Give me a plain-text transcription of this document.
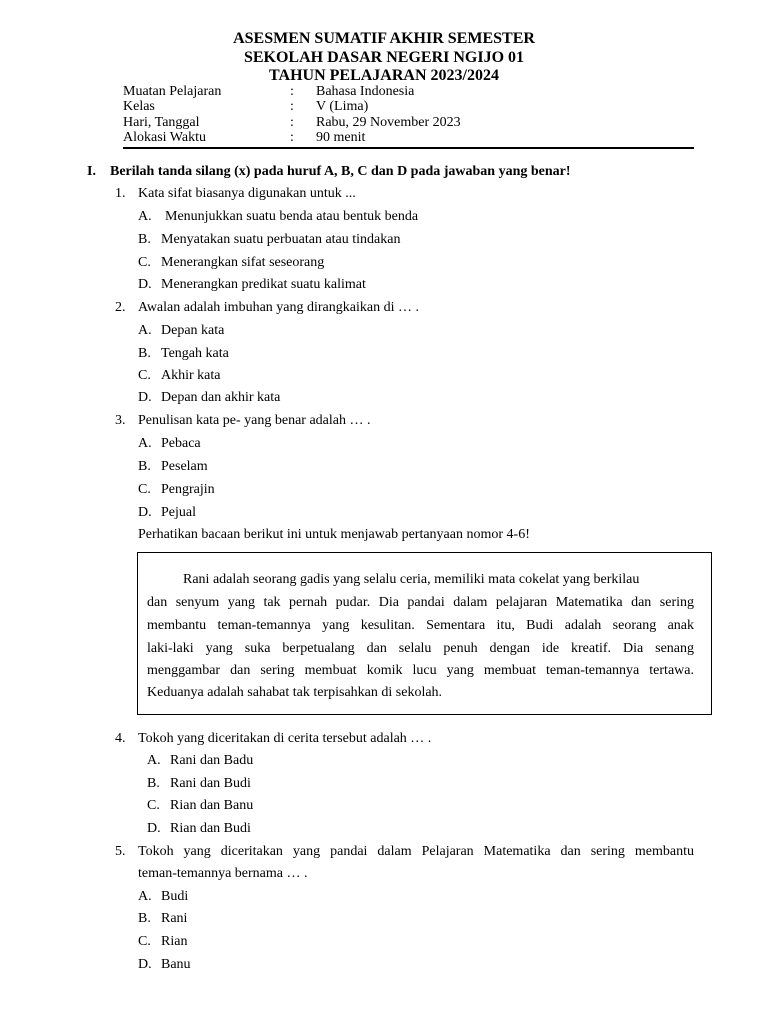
ASESMEN SUMATIF AKHIR SEMESTER
SEKOLAH DASAR NEGERI NGIJO 01
TAHUN PELAJARAN 2023/2024
Muatan Pelajaran	: Bahasa Indonesia
Kelas	: V (Lima)
Hari, Tanggal	: Rabu, 29 November 2023
Alokasi Waktu	: 90 menit
I. Berilah tanda silang (x) pada huruf A, B, C dan D pada jawaban yang benar!
1. Kata sifat biasanya digunakan untuk ...
A. Menunjukkan suatu benda atau bentuk benda
B. Menyatakan suatu perbuatan atau tindakan
C. Menerangkan sifat seseorang
D. Menerangkan predikat suatu kalimat
2. Awalan adalah imbuhan yang dirangkaikan di … .
A. Depan kata
B. Tengah kata
C. Akhir kata
D. Depan dan akhir kata
3. Penulisan kata pe- yang benar adalah … .
A. Pebaca
B. Peselam
C. Pengrajin
D. Pejual
Perhatikan bacaan berikut ini untuk menjawab pertanyaan nomor 4-6!
Rani adalah seorang gadis yang selalu ceria, memiliki mata cokelat yang berkilau
dan senyum yang tak pernah pudar. Dia pandai dalam pelajaran Matematika dan sering
membantu teman-temannya yang kesulitan. Sementara itu, Budi adalah seorang anak
laki-laki yang suka berpetualang dan selalu penuh dengan ide kreatif. Dia senang
menggambar dan sering membuat komik lucu yang membuat teman-temannya tertawa.
Keduanya adalah sahabat tak terpisahkan di sekolah.
4. Tokoh yang diceritakan di cerita tersebut adalah … .
A. Rani dan Badu
B. Rani dan Budi
C. Rian dan Banu
D. Rian dan Budi
5. Tokoh yang diceritakan yang pandai dalam Pelajaran Matematika dan sering membantu
teman-temannya bernama … .
A. Budi
B. Rani
C. Rian
D. Banu
